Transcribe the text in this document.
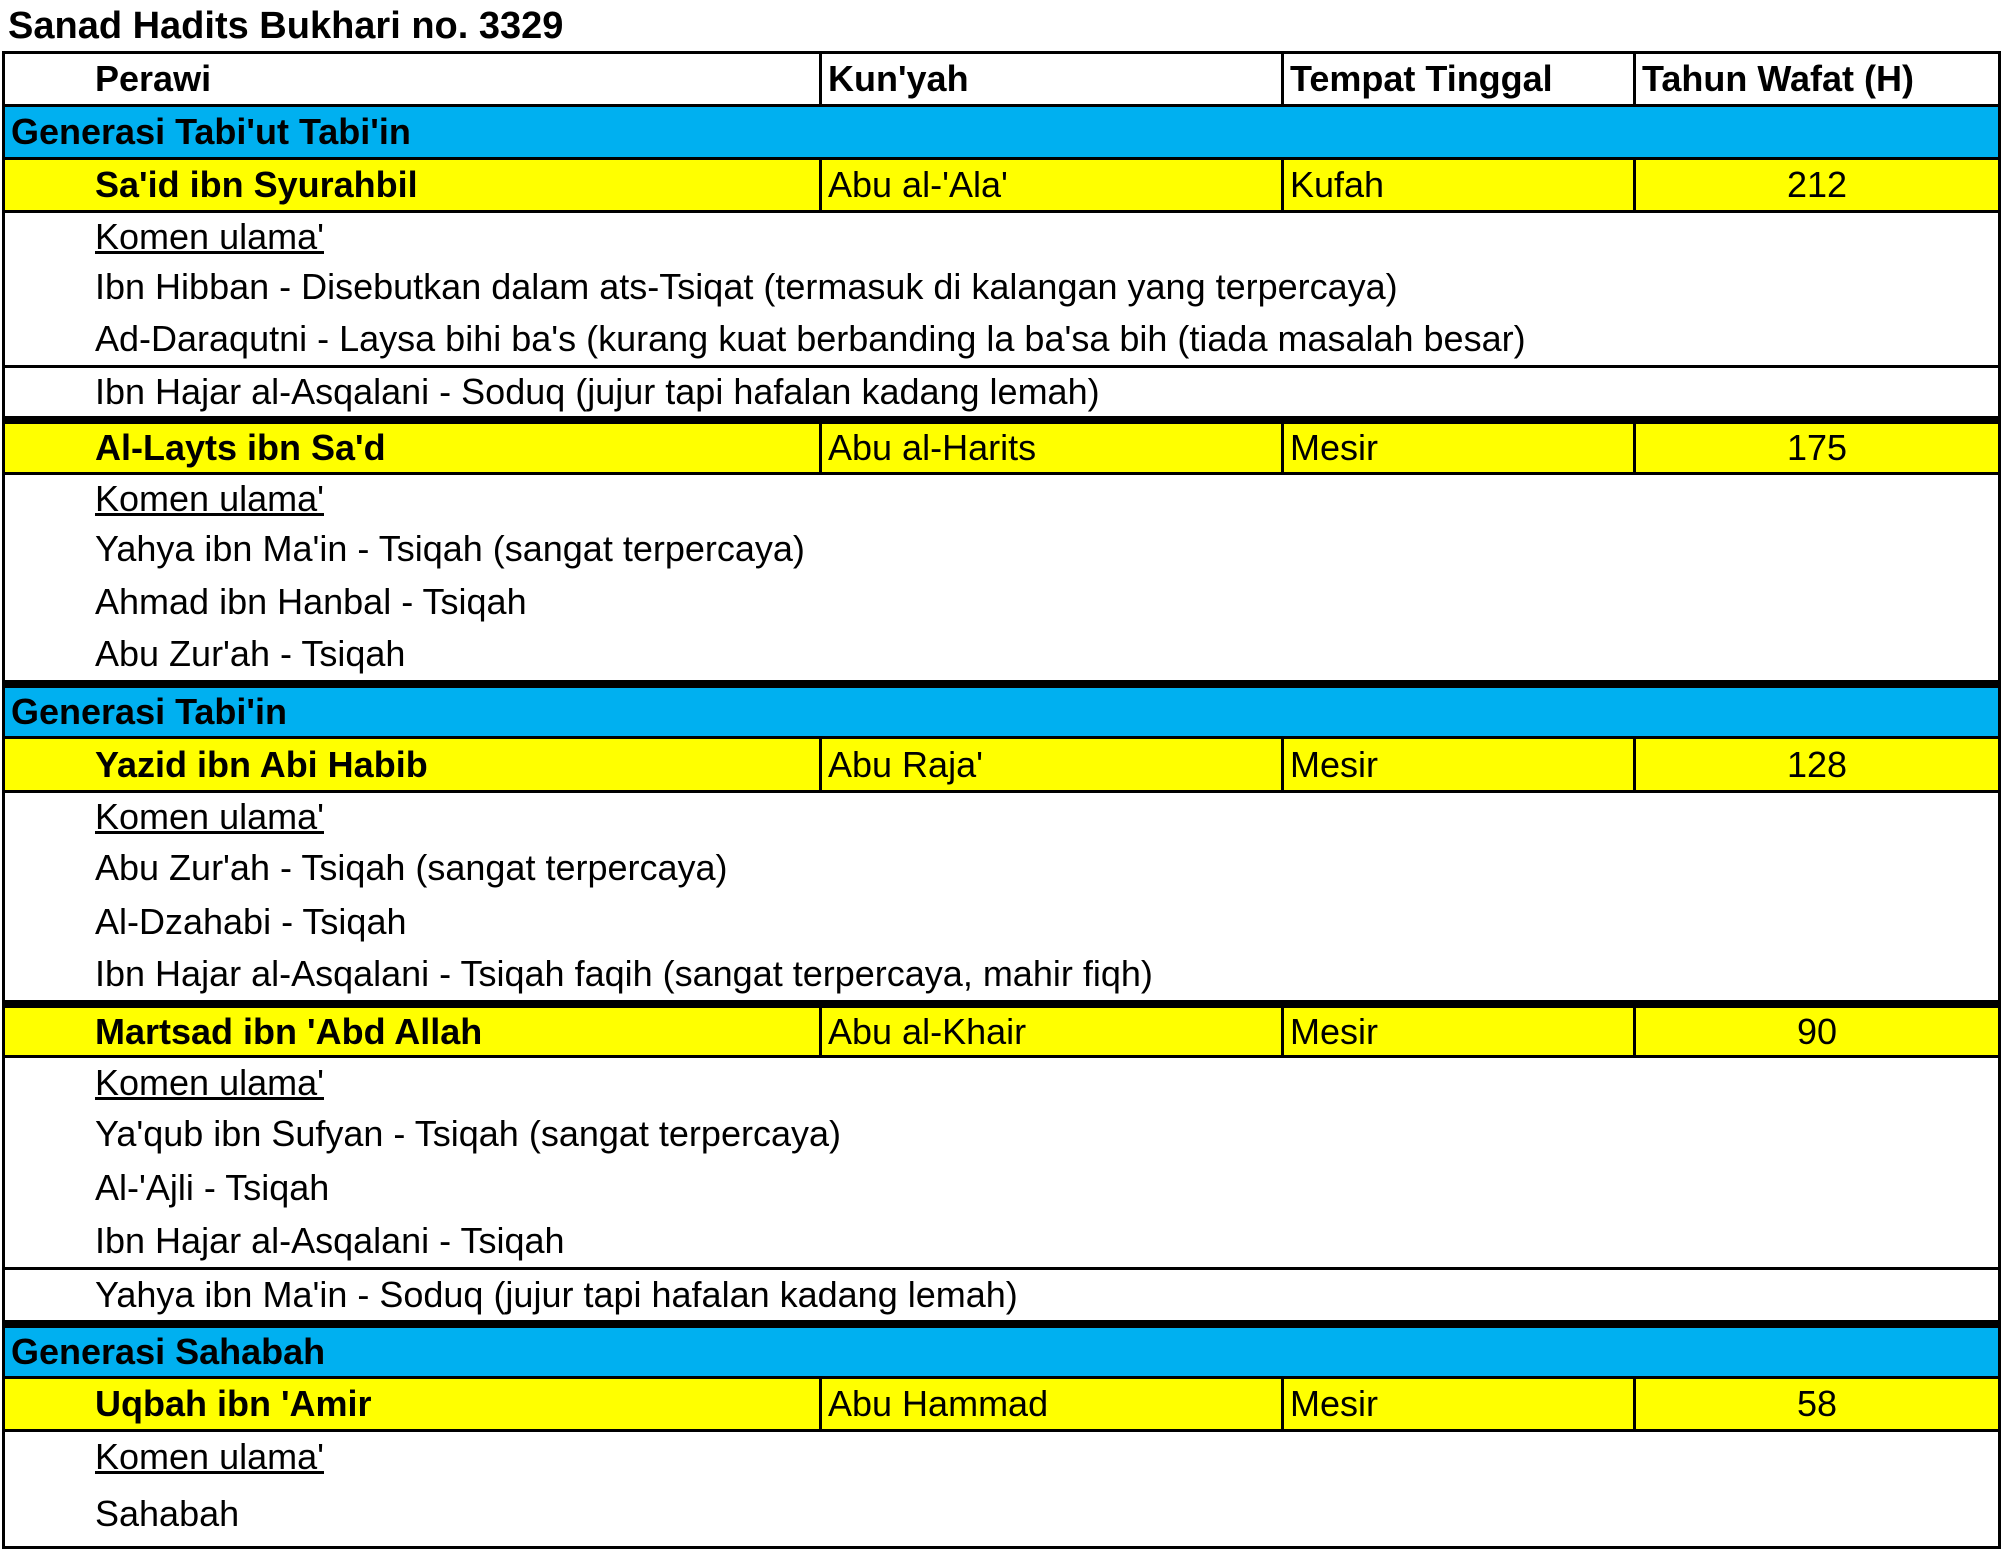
Sanad Hadits Bukhari no. 3329
Perawi	Kun'yah	Tempat Tinggal	Tahun Wafat (H)
Generasi Tabi'ut Tabi'in
Sa'id ibn Syurahbil	Abu al-'Ala'	Kufah	212
Komen ulama'
Ibn Hibban - Disebutkan dalam ats-Tsiqat (termasuk di kalangan yang terpercaya)
Ad-Daraqutni - Laysa bihi ba's (kurang kuat berbanding la ba'sa bih (tiada masalah besar)
Ibn Hajar al-Asqalani - Soduq (jujur tapi hafalan kadang lemah)
Al-Layts ibn Sa'd	Abu al-Harits	Mesir	175
Komen ulama'
Yahya ibn Ma'in - Tsiqah (sangat terpercaya)
Ahmad ibn Hanbal - Tsiqah
Abu Zur'ah - Tsiqah
Generasi Tabi'in
Yazid ibn Abi Habib	Abu Raja'	Mesir	128
Komen ulama'
Abu Zur'ah - Tsiqah (sangat terpercaya)
Al-Dzahabi - Tsiqah
Ibn Hajar al-Asqalani - Tsiqah faqih (sangat terpercaya, mahir fiqh)
Martsad ibn 'Abd Allah	Abu al-Khair	Mesir	90
Komen ulama'
Ya'qub ibn Sufyan - Tsiqah (sangat terpercaya)
Al-'Ajli - Tsiqah
Ibn Hajar al-Asqalani - Tsiqah
Yahya ibn Ma'in - Soduq (jujur tapi hafalan kadang lemah)
Generasi Sahabah
Uqbah ibn 'Amir	Abu Hammad	Mesir	58
Komen ulama'
Sahabah
